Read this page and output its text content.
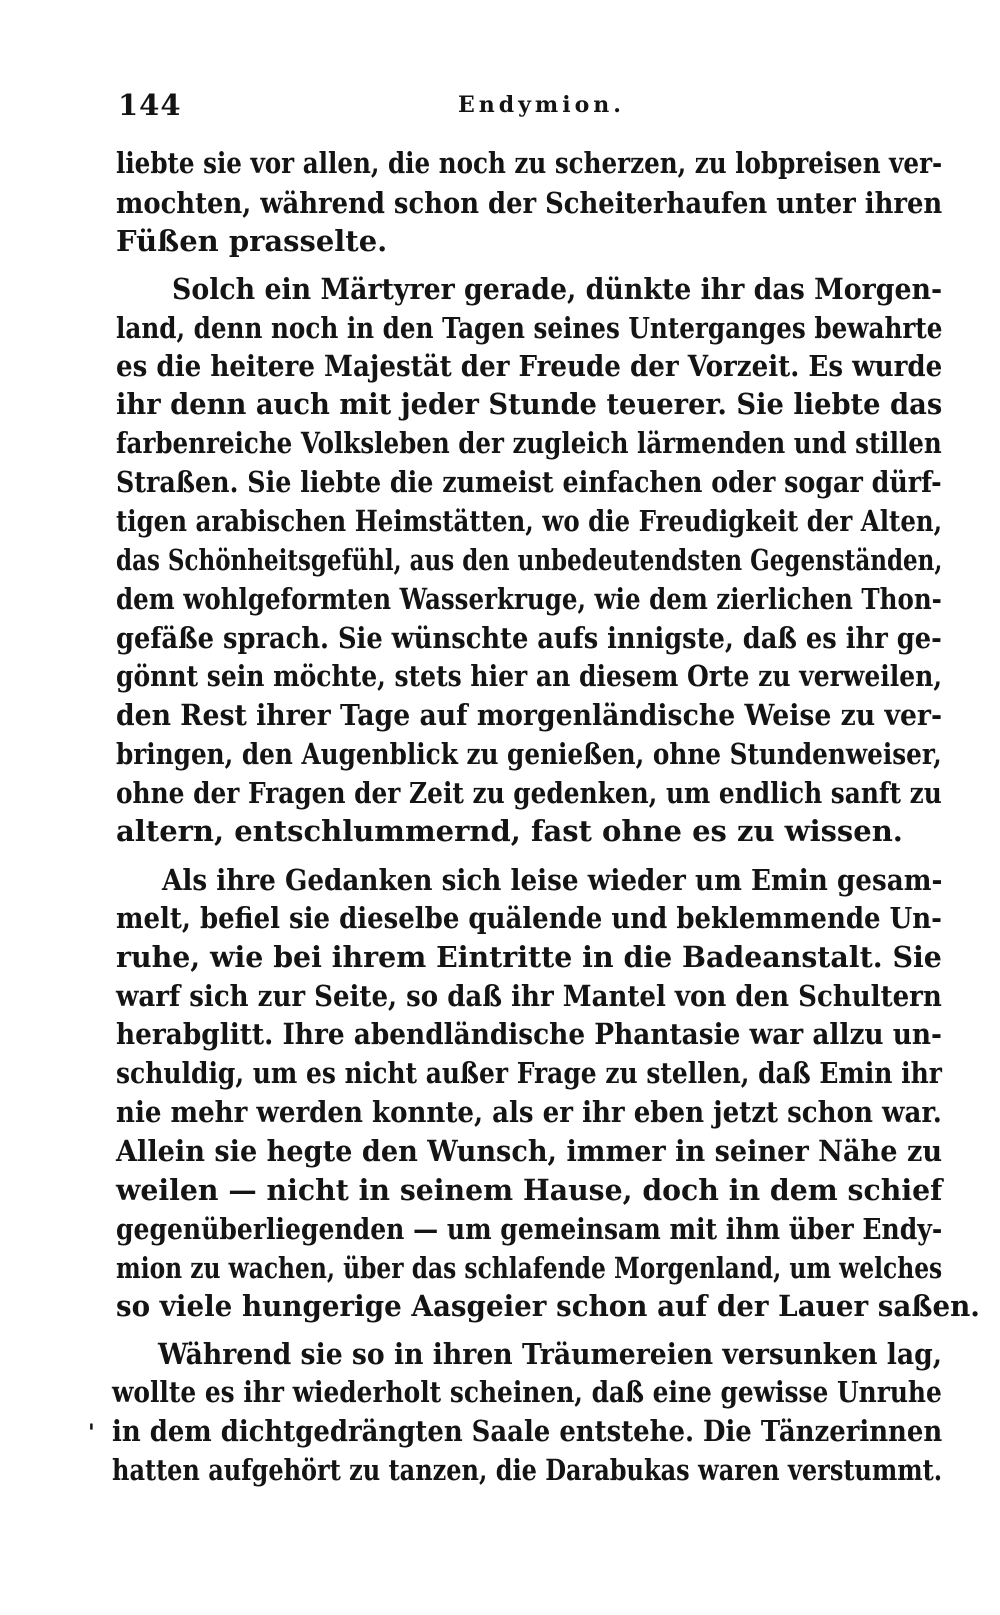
144	Endymion.
liebte sie vor allen, die noch zu scherzen, zu lobpreisen ver-
mochten, während schon der Scheiterhaufen unter ihren
Füßen prasselte.
Solch ein Märtyrer gerade, dünkte ihr das Morgen-
land, denn noch in den Tagen seines Unterganges bewahrte
es die heitere Majestät der Freude der Vorzeit. Es wurde
ihr denn auch mit jeder Stunde teuerer. Sie liebte das
farbenreiche Volksleben der zugleich lärmenden und stillen
Straßen. Sie liebte die zumeist einfachen oder sogar dürf-
tigen arabischen Heimstätten, wo die Freudigkeit der Alten,
das Schönheitsgefühl, aus den unbedeutendsten Gegenständen,
dem wohlgeformten Wasserkruge, wie dem zierlichen Thon-
gefäße sprach. Sie wünschte aufs innigste, daß es ihr ge-
gönnt sein möchte, stets hier an diesem Orte zu verweilen,
den Rest ihrer Tage auf morgenländische Weise zu ver-
bringen, den Augenblick zu genießen, ohne Stundenweiser,
ohne der Fragen der Zeit zu gedenken, um endlich sanft zu
altern, entschlummernd, fast ohne es zu wissen.
Als ihre Gedanken sich leise wieder um Emin gesam-
melt, befiel sie dieselbe quälende und beklemmende Un-
ruhe, wie bei ihrem Eintritte in die Badeanstalt. Sie
warf sich zur Seite, so daß ihr Mantel von den Schultern
herabglitt. Ihre abendländische Phantasie war allzu un-
schuldig, um es nicht außer Frage zu stellen, daß Emin ihr
nie mehr werden konnte, als er ihr eben jetzt schon war.
Allein sie hegte den Wunsch, immer in seiner Nähe zu
weilen — nicht in seinem Hause, doch in dem schief
gegenüberliegenden — um gemeinsam mit ihm über Endy-
mion zu wachen, über das schlafende Morgenland, um welches
so viele hungerige Aasgeier schon auf der Lauer saßen.
Während sie so in ihren Träumereien versunken lag,
wollte es ihr wiederholt scheinen, daß eine gewisse Unruhe
in dem dichtgedrängten Saale entstehe. Die Tänzerinnen
hatten aufgehört zu tanzen, die Darabukas waren verstummt.
'
